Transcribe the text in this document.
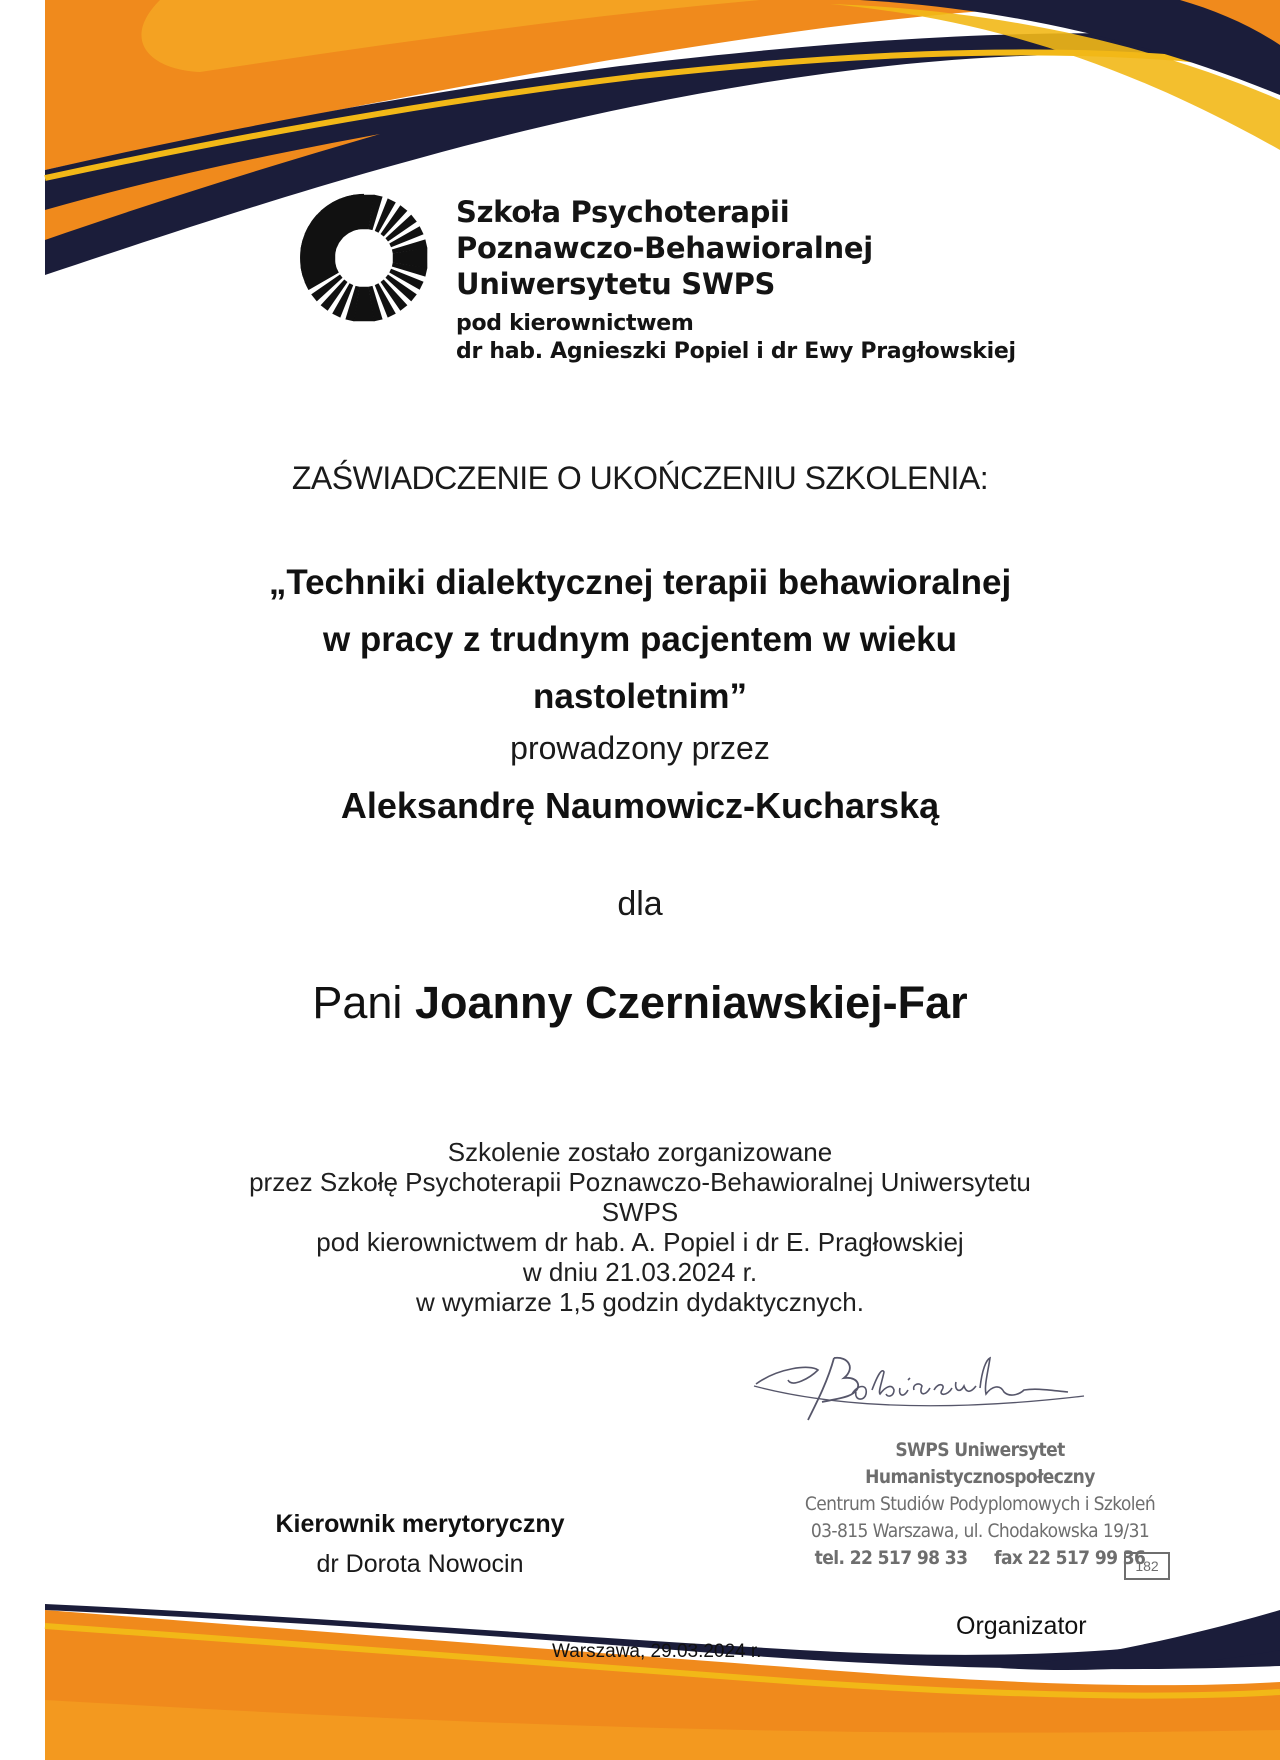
Szkoła Psychoterapii
Poznawczo-Behawioralnej
Uniwersytetu SWPS
pod kierownictwem
dr hab. Agnieszki Popiel i dr Ewy Pragłowskiej
ZAŚWIADCZENIE O UKOŃCZENIU SZKOLENIA:
„Techniki dialektycznej terapii behawioralnej
w pracy z trudnym pacjentem w wieku
nastoletnim”
prowadzony przez
Aleksandrę Naumowicz-Kucharską
dla
Pani Joanny Czerniawskiej-Far
Szkolenie zostało zorganizowane
przez Szkołę Psychoterapii Poznawczo-Behawioralnej Uniwersytetu
SWPS
pod kierownictwem dr hab. A. Popiel i dr E. Pragłowskiej
w dniu 21.03.2024 r.
w wymiarze 1,5 godzin dydaktycznych.
SWPS Uniwersytet Humanistycznospołeczny
Centrum Studiów Podyplomowych i Szkoleń
03-815 Warszawa, ul. Chodakowska 19/31
tel. 22 517 98 33     fax 22 517 99 36
182
Kierownik merytoryczny
dr Dorota Nowocin
Warszawa, 29.03.2024 r.
Organizator
